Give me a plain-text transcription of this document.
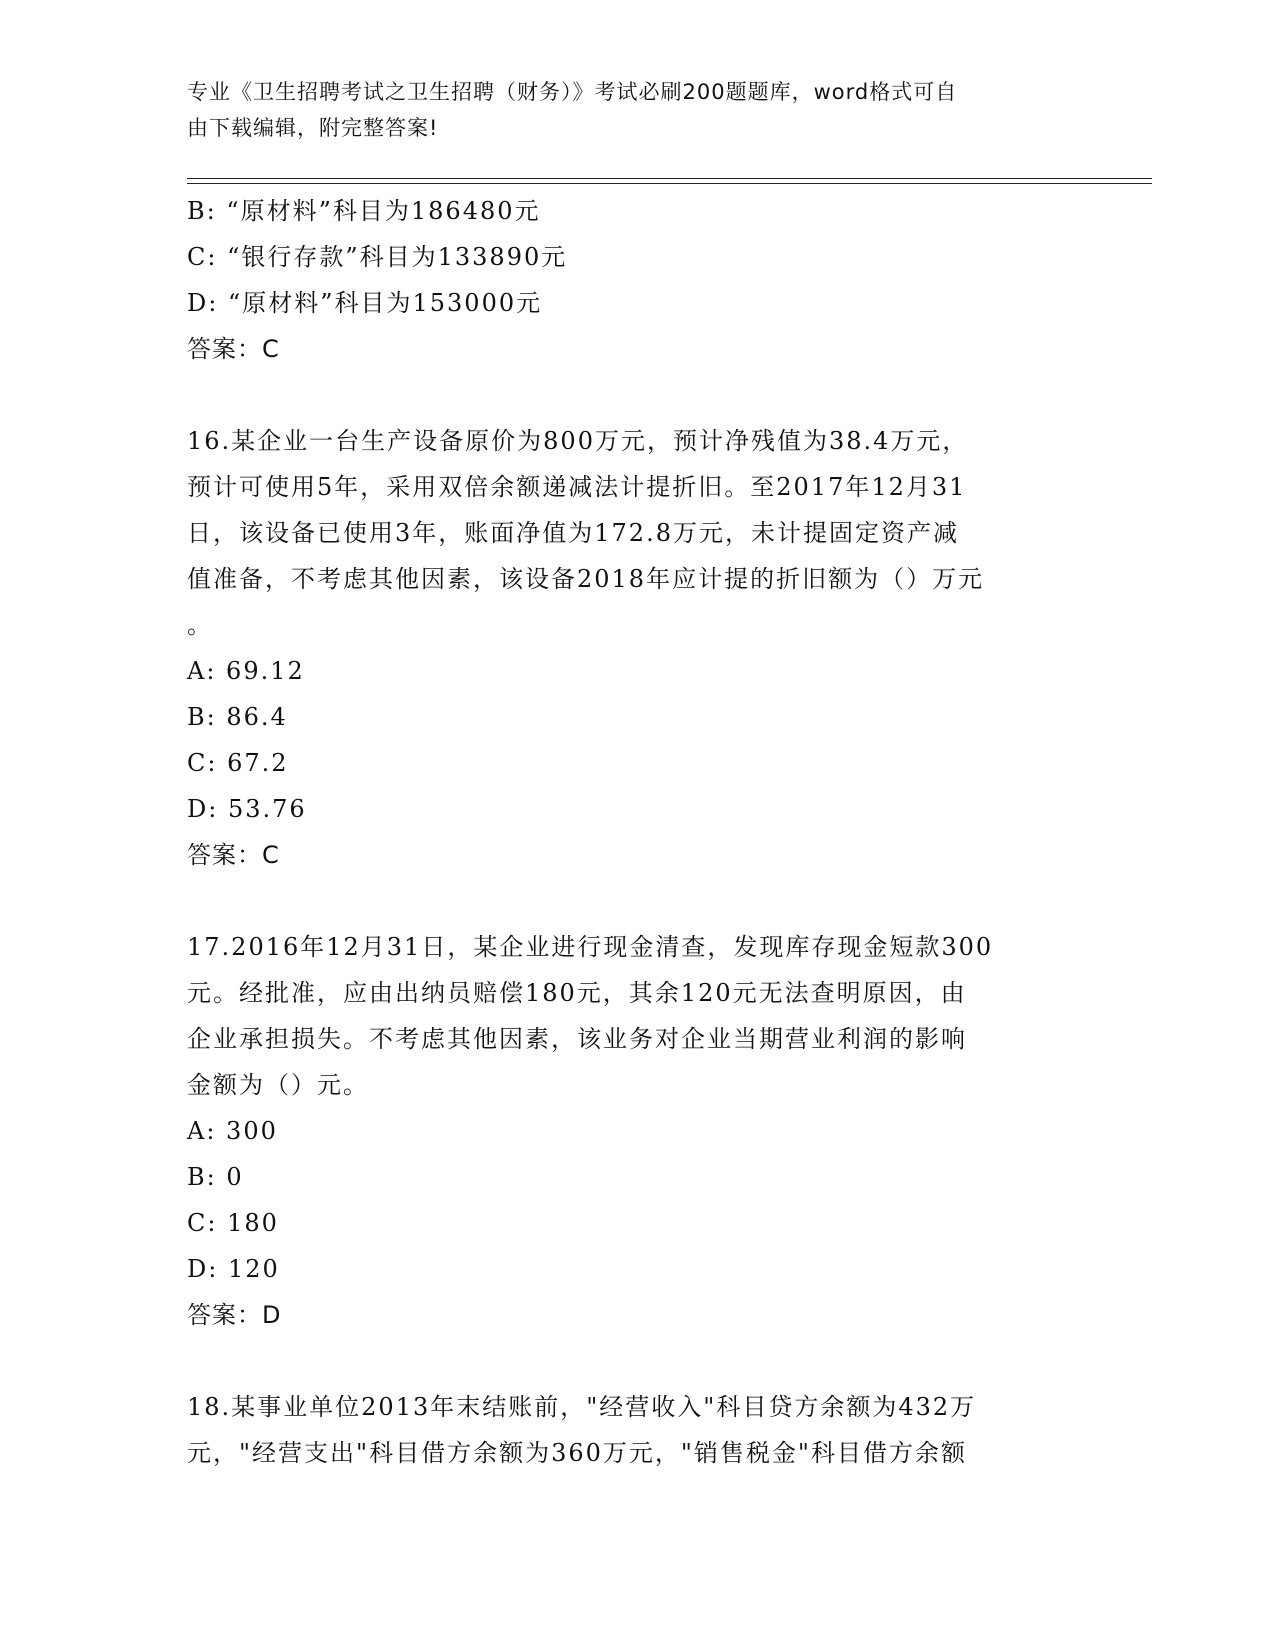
专业《卫生招聘考试之卫生招聘（财务）》考试必刷200题题库，word格式可自
由下载编辑，附完整答案!
B: “原材料”科目为186480元
C: “银行存款”科目为133890元
D: “原材料”科目为153000元
答案：C
16.某企业一台生产设备原价为800万元，预计净残值为38.4万元，
预计可使用5年，采用双倍余额递减法计提折旧。至2017年12月31
日，该设备已使用3年，账面净值为172.8万元，未计提固定资产减
值准备，不考虑其他因素，该设备2018年应计提的折旧额为（）万元
。
A: 69.12
B: 86.4
C: 67.2
D: 53.76
答案：C
17.2016年12月31日，某企业进行现金清查，发现库存现金短款300
元。经批准，应由出纳员赔偿180元，其余120元无法查明原因，由
企业承担损失。不考虑其他因素，该业务对企业当期营业利润的影响
金额为（）元。
A: 300
B: 0
C: 180
D: 120
答案：D
18.某事业单位2013年末结账前，"经营收入"科目贷方余额为432万
元，"经营支出"科目借方余额为360万元，"销售税金"科目借方余额
